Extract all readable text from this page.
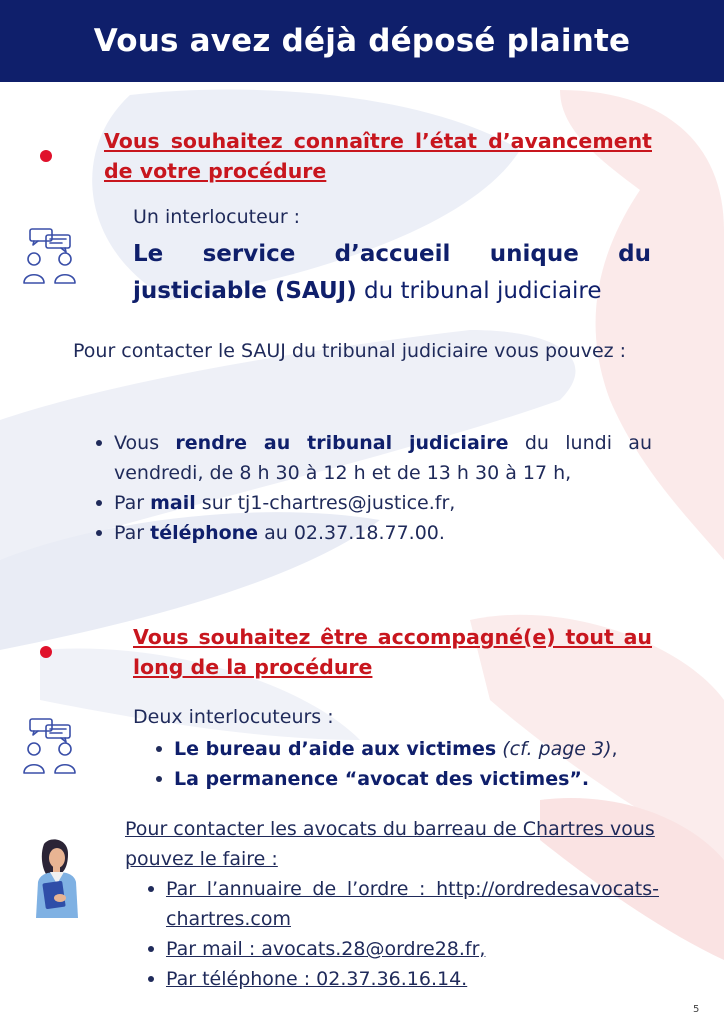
Vous avez déjà déposé plainte
Vous souhaitez connaître l’état d’avancement de votre procédure
Un interlocuteur :
Le service d’accueil unique du justiciable (SAUJ) du tribunal judiciaire
Pour contacter le SAUJ du tribunal judiciaire vous pouvez :
Vous rendre au tribunal judiciaire du lundi au vendredi, de 8 h 30 à 12 h et de 13 h 30 à 17 h,
Par mail sur tj1-chartres@justice.fr,
Par téléphone au 02.37.18.77.00.
Vous souhaitez être accompagné(e) tout au long de la procédure
Deux interlocuteurs :
Le bureau d’aide aux victimes (cf. page 3),
La permanence “avocat des victimes”.
Pour contacter les avocats du barreau de Chartres vous pouvez le faire :
Par l’annuaire de l’ordre : http://ordredesavocats-chartres.com
Par mail : avocats.28@ordre28.fr,
Par téléphone : 02.37.36.16.14.
5
